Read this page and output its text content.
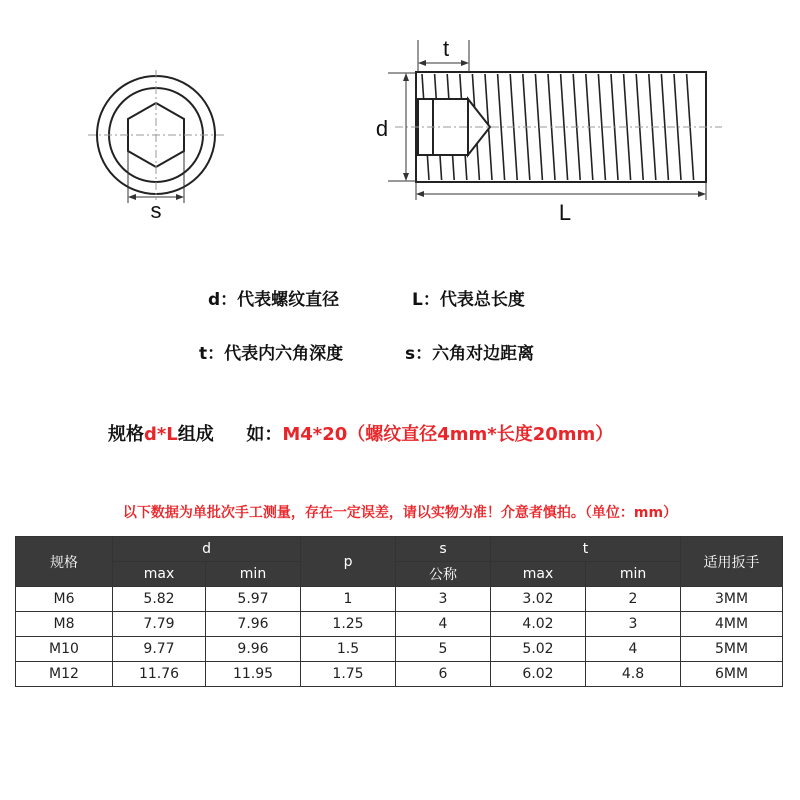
s
t
d
L
d：代表螺纹直径	L：代表总长度
t：代表内六角深度	s：六角对边距离
规格d*L组成 如：M4*20（螺纹直径4mm*长度20mm）
以下数据为单批次手工测量，存在一定误差，请以实物为准！介意者慎拍。（单位：mm）
规格	d		p	s	t		适用扳手
	max	min		公称	max	min	
M6	5.82	5.97	1	3	3.02	2	3MM
M8	7.79	7.96	1.25	4	4.02	3	4MM
M10	9.77	9.96	1.5	5	5.02	4	5MM
M12	11.76	11.95	1.75	6	6.02	4.8	6MM
